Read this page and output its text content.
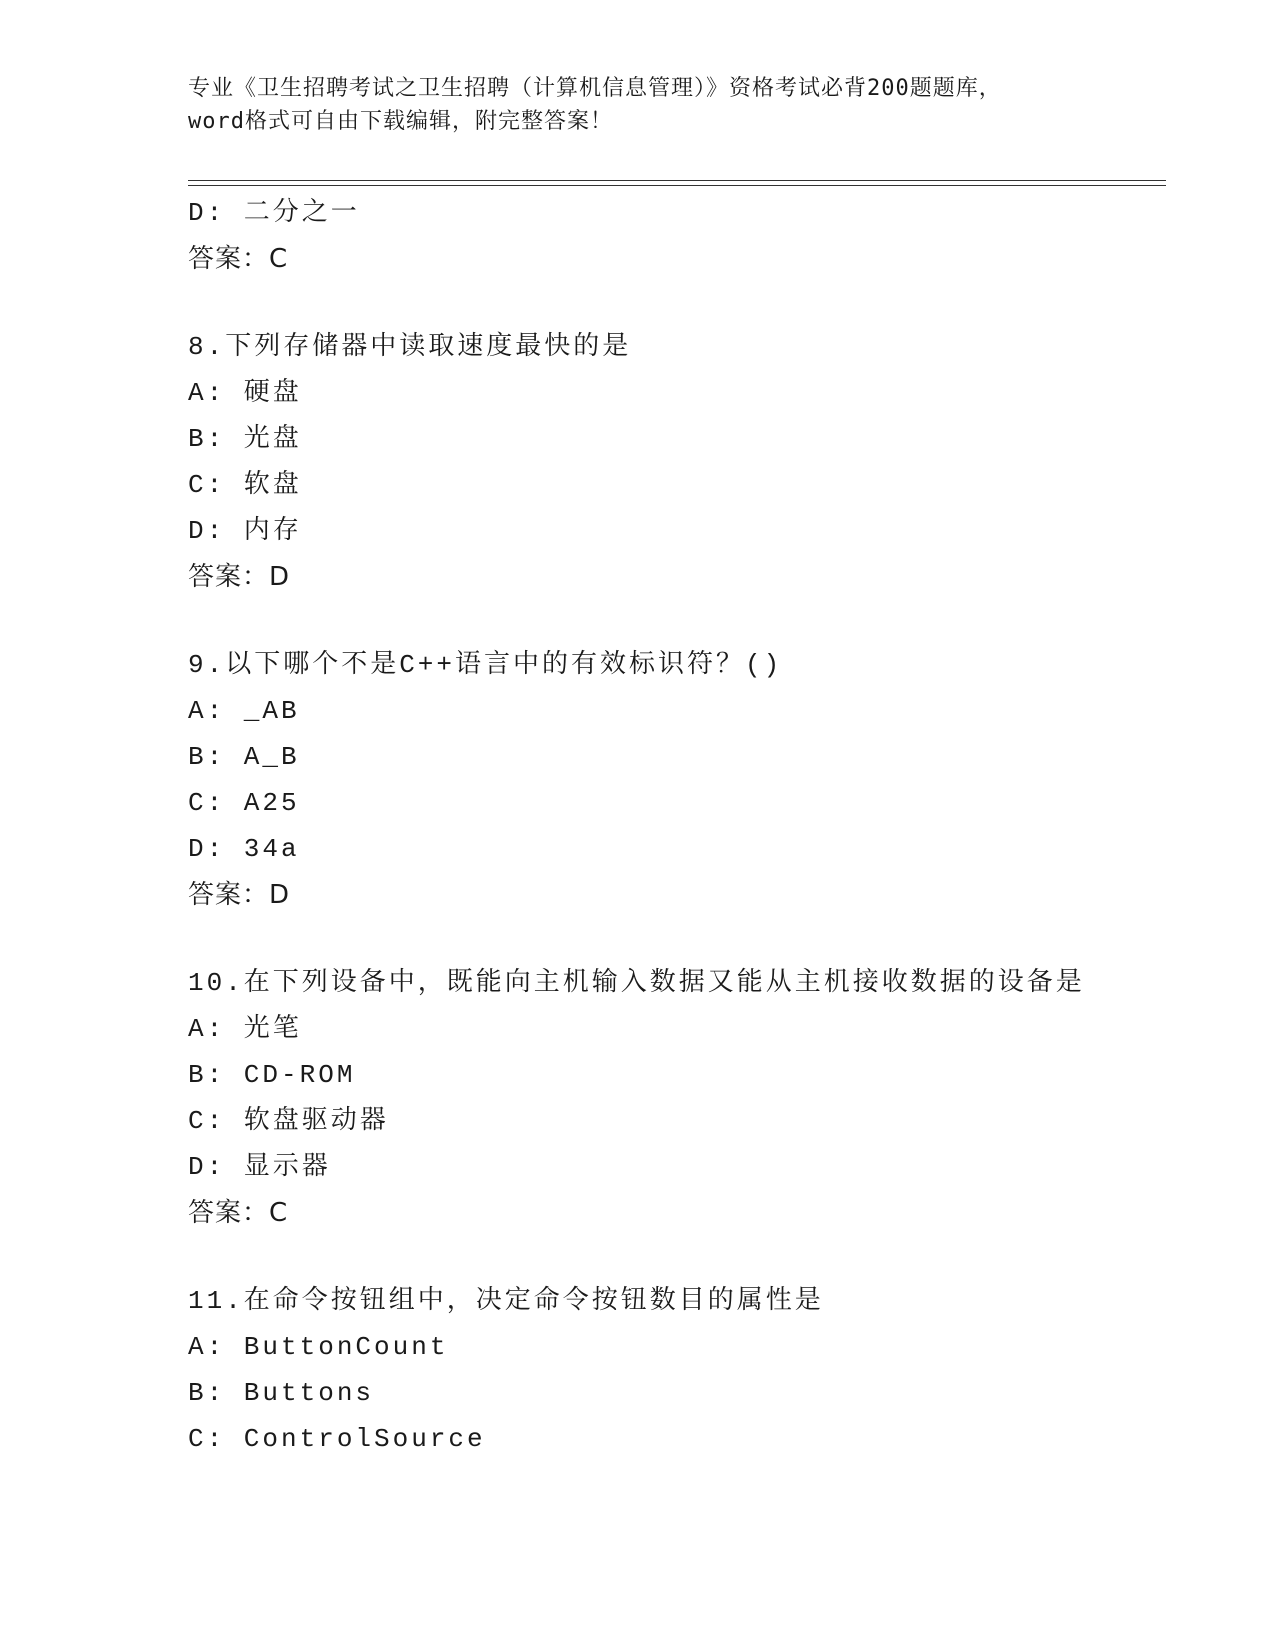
专业《卫生招聘考试之卫生招聘（计算机信息管理）》资格考试必背200题题库，
word格式可自由下载编辑，附完整答案！
D: 二分之一
答案：C
8.下列存储器中读取速度最快的是
A: 硬盘
B: 光盘
C: 软盘
D: 内存
答案：D
9.以下哪个不是C++语言中的有效标识符？()
A: _AB
B: A_B
C: A25
D: 34a
答案：D
10.在下列设备中，既能向主机输入数据又能从主机接收数据的设备是
A: 光笔
B: CD-ROM
C: 软盘驱动器
D: 显示器
答案：C
11.在命令按钮组中，决定命令按钮数目的属性是
A: ButtonCount
B: Buttons
C: ControlSource
